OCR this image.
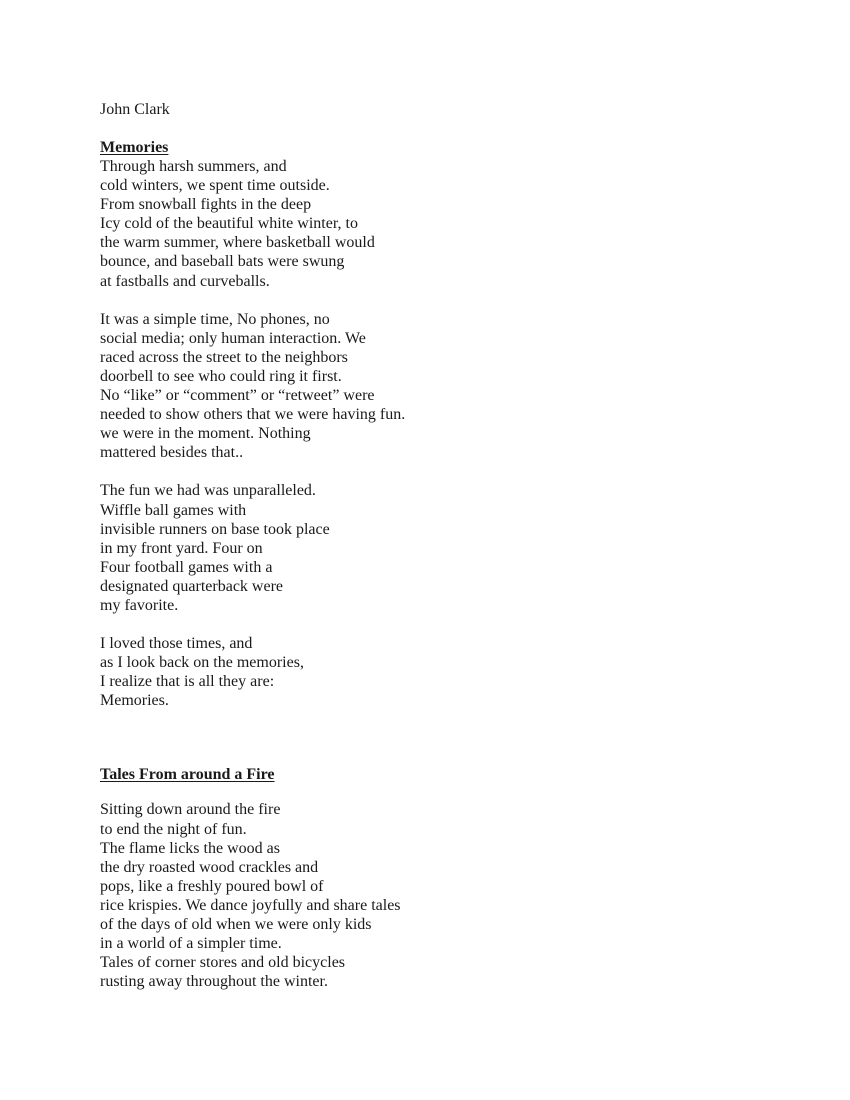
John Clark
Memories
Through harsh summers, and
cold winters, we spent time outside.
From snowball fights in the deep
Icy cold of the beautiful white winter, to
the warm summer, where basketball would
bounce, and baseball bats were swung
at fastballs and curveballs.
It was a simple time, No phones, no
social media; only human interaction. We
raced across the street to the neighbors
doorbell to see who could ring it first.
No “like” or “comment” or “retweet” were
needed to show others that we were having fun.
we were in the moment. Nothing
mattered besides that..
The fun we had was unparalleled.
Wiffle ball games with
invisible runners on base took place
in my front yard. Four on
Four football games with a
designated quarterback were
my favorite.
I loved those times, and
as I look back on the memories,
I realize that is all they are:
Memories.
Tales From around a Fire
Sitting down around the fire
to end the night of fun.
The flame licks the wood as
the dry roasted wood crackles and
pops, like a freshly poured bowl of
rice krispies. We dance joyfully and share tales
of the days of old when we were only kids
in a world of a simpler time.
Tales of corner stores and old bicycles
rusting away throughout the winter.
